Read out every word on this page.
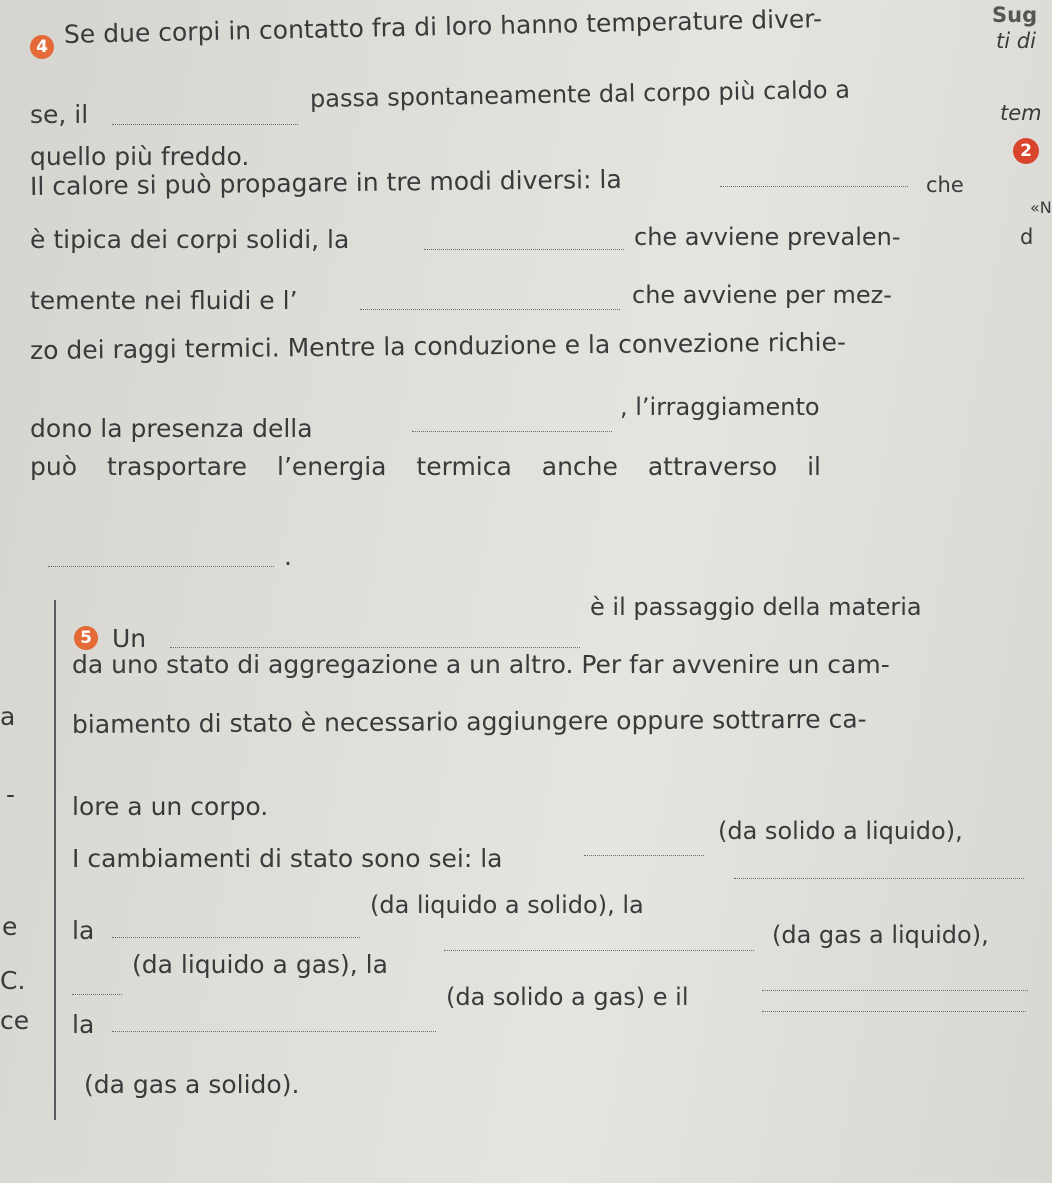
4 Se due corpi in contatto fra di loro hanno temperature diver-
se, il
passa spontaneamente dal corpo più caldo a
quello più freddo.
Il calore si può propagare in tre modi diversi: la	che
è tipica dei corpi solidi, la	che avviene prevalen-
temente nei fluidi e l’	che avviene per mez-
zo dei raggi termici. Mentre la conduzione e la convezione richie-
dono la presenza della
, l’irraggiamento
può trasportare l’energia termica anche attraverso il
.
5 Un
è il passaggio della materia
da uno stato di aggregazione a un altro. Per far avvenire un cam-
biamento di stato è necessario aggiungere oppure sottrarre ca-
lore a un corpo.
I cambiamenti di stato sono sei: la
(da solido a liquido),
la
(da liquido a solido), la
(da liquido a gas), la
(da gas a liquido),
la
(da solido a gas) e il
(da gas a solido).
Sug
ti di
tem
2
«N
d
a
-
e
C.
ce
